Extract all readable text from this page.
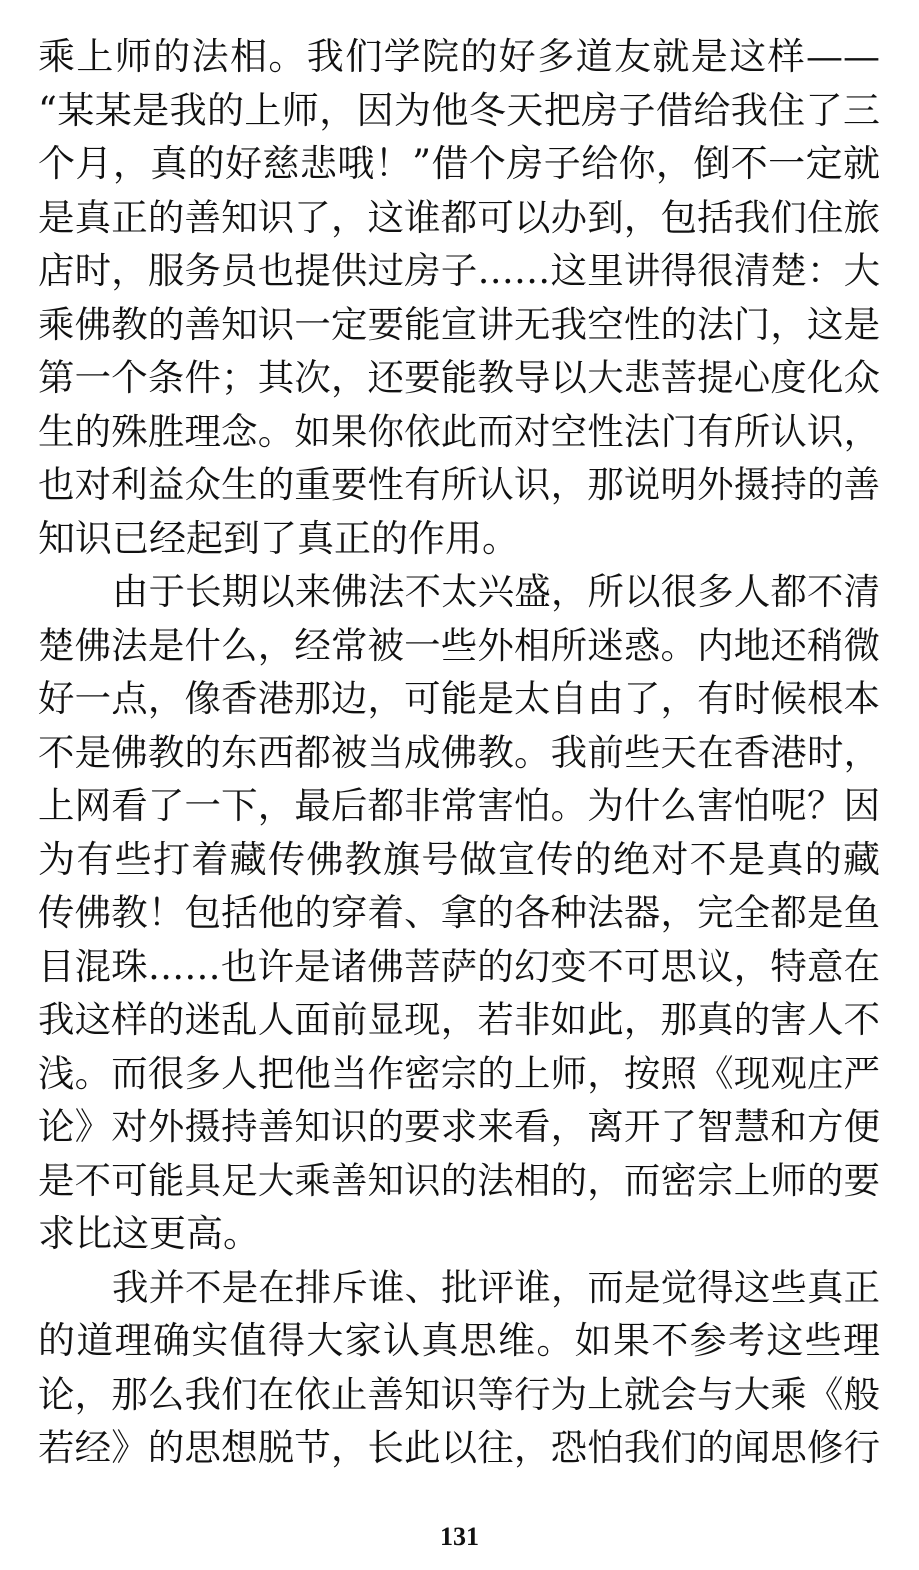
乘上师的法相。我们学院的好多道友就是这样——
“某某是我的上师，因为他冬天把房子借给我住了三
个月，真的好慈悲哦！”借个房子给你，倒不一定就
是真正的善知识了，这谁都可以办到，包括我们住旅
店时，服务员也提供过房子……这里讲得很清楚：大
乘佛教的善知识一定要能宣讲无我空性的法门，这是
第一个条件；其次，还要能教导以大悲菩提心度化众
生的殊胜理念。如果你依此而对空性法门有所认识，
也对利益众生的重要性有所认识，那说明外摄持的善
知识已经起到了真正的作用。
由于长期以来佛法不太兴盛，所以很多人都不清
楚佛法是什么，经常被一些外相所迷惑。内地还稍微
好一点，像香港那边，可能是太自由了，有时候根本
不是佛教的东西都被当成佛教。我前些天在香港时，
上网看了一下，最后都非常害怕。为什么害怕呢？因
为有些打着藏传佛教旗号做宣传的绝对不是真的藏
传佛教！包括他的穿着、拿的各种法器，完全都是鱼
目混珠……也许是诸佛菩萨的幻变不可思议，特意在
我这样的迷乱人面前显现，若非如此，那真的害人不
浅。而很多人把他当作密宗的上师，按照《现观庄严
论》对外摄持善知识的要求来看，离开了智慧和方便
是不可能具足大乘善知识的法相的，而密宗上师的要
求比这更高。
我并不是在排斥谁、批评谁，而是觉得这些真正
的道理确实值得大家认真思维。如果不参考这些理
论，那么我们在依止善知识等行为上就会与大乘《般
若经》的思想脱节，长此以往，恐怕我们的闻思修行
131
